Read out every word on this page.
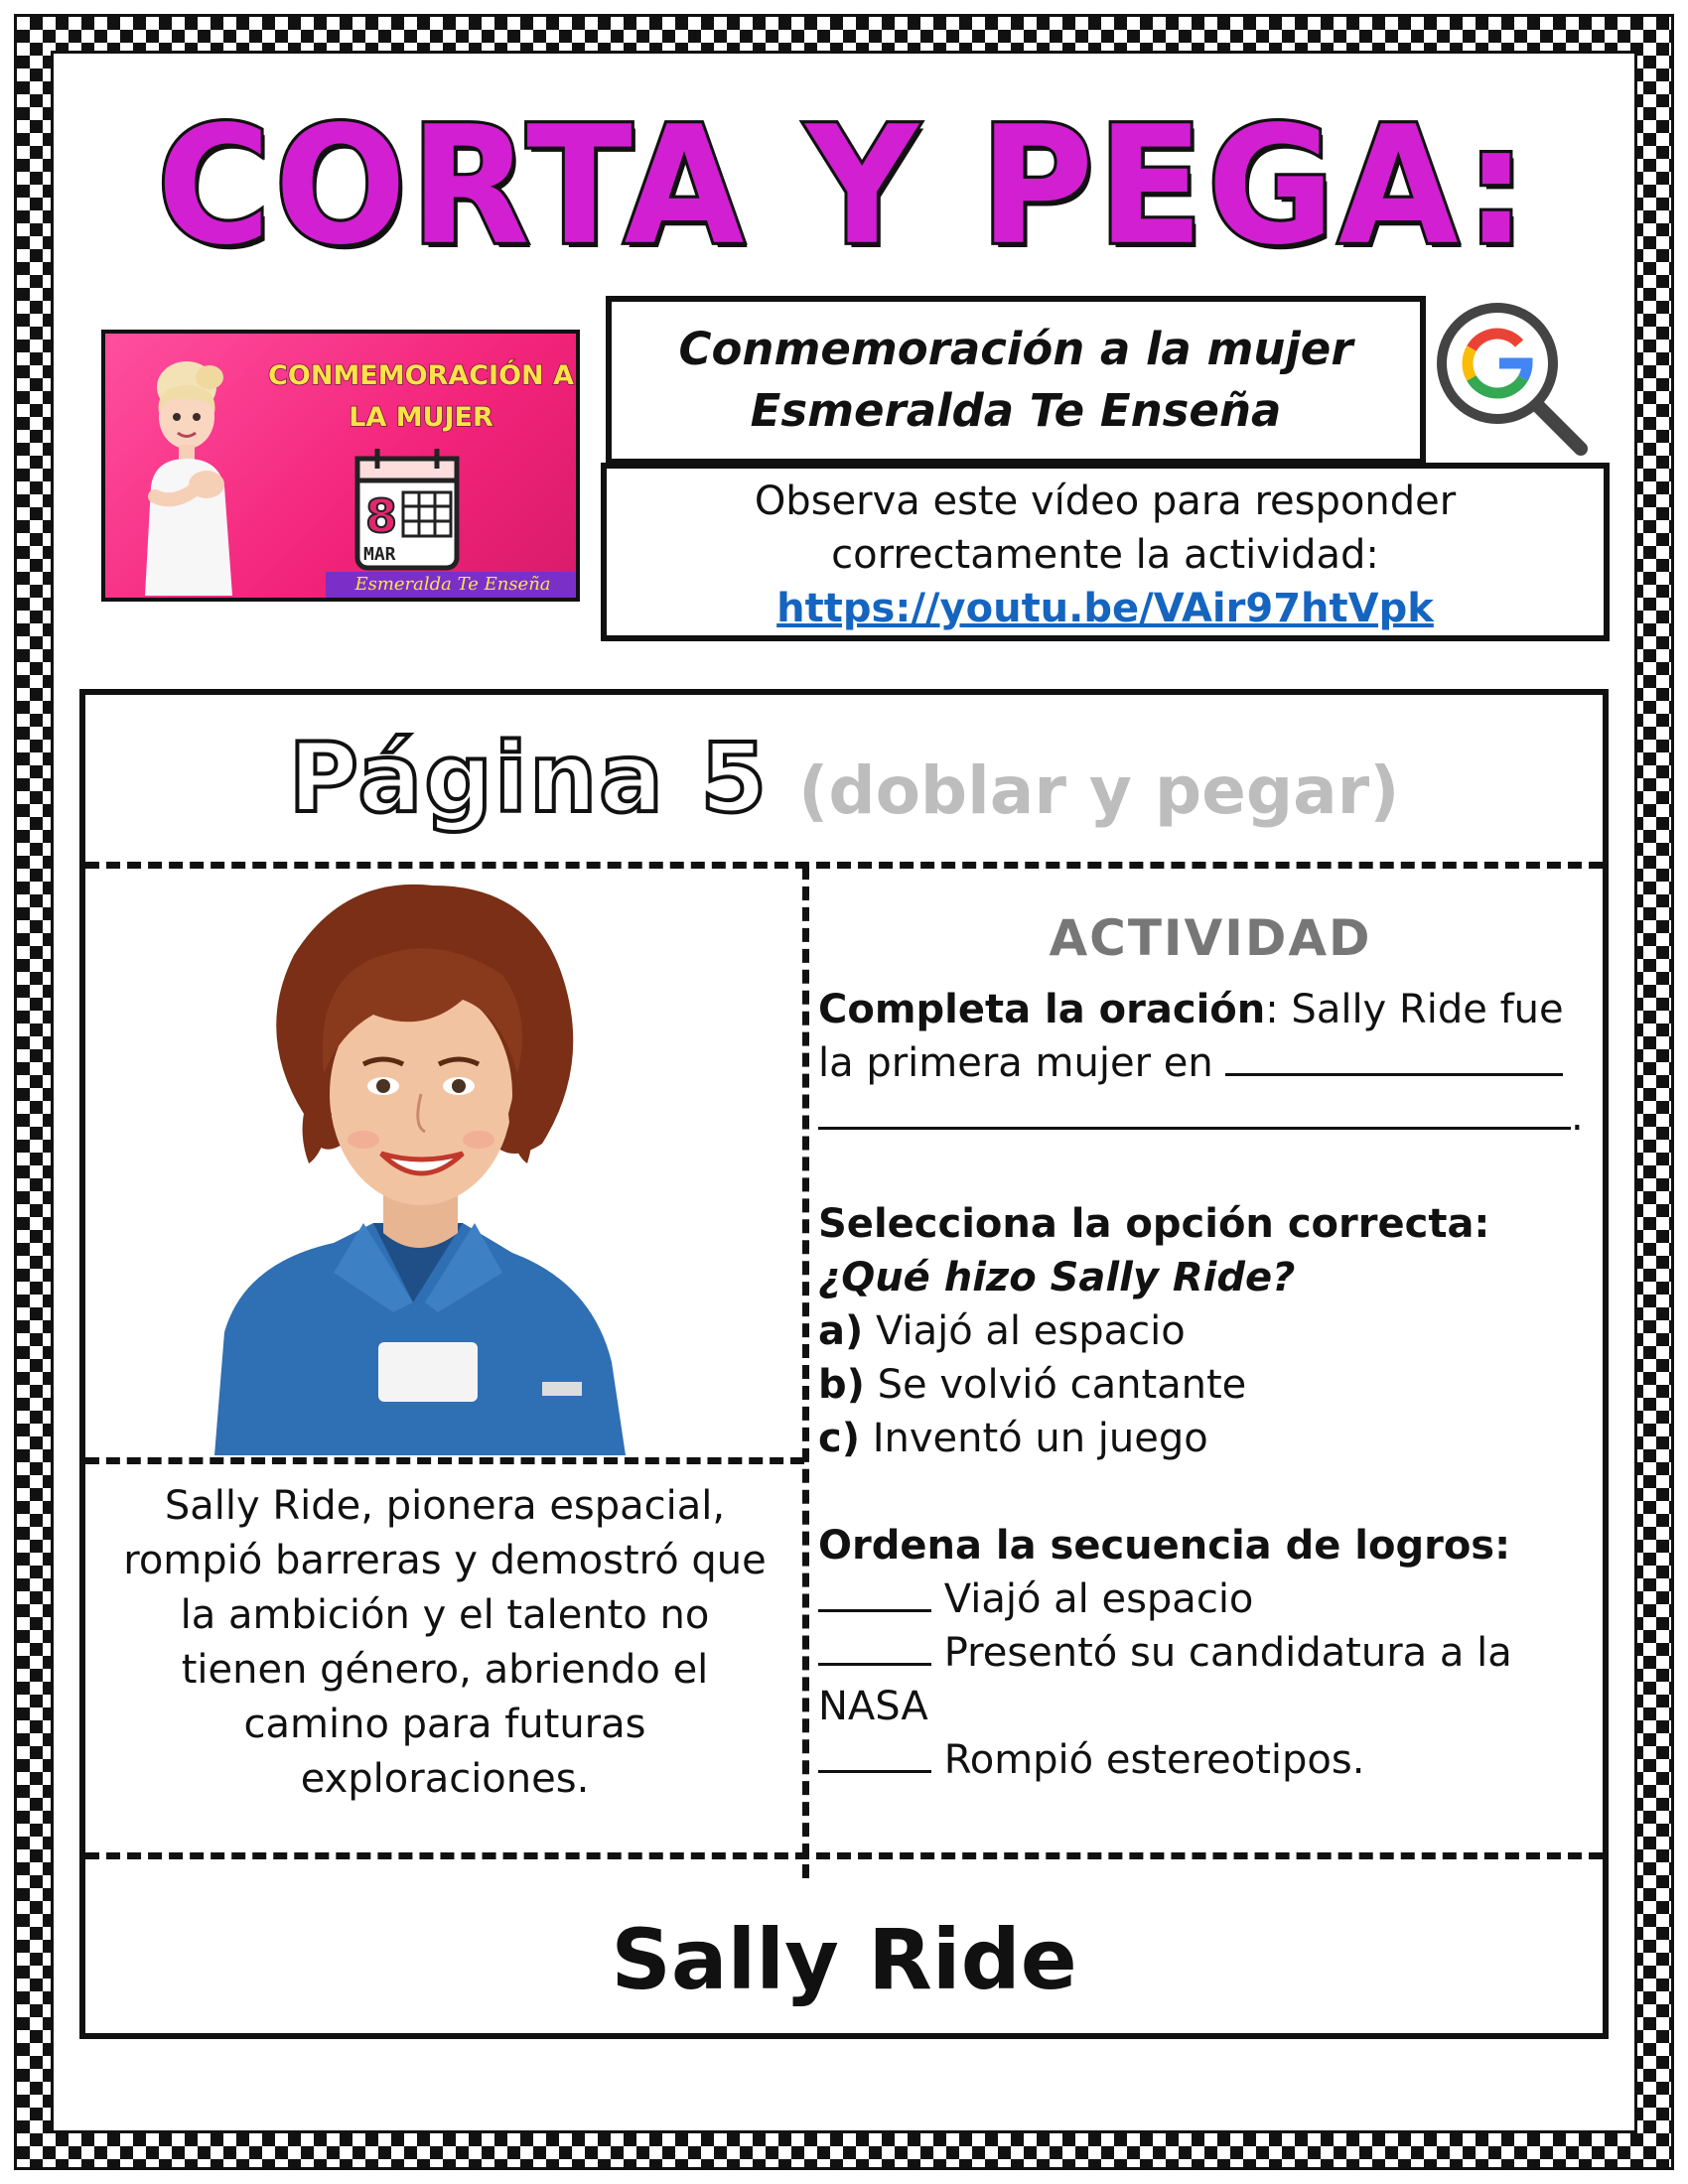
CORTA Y PEGA:
CONMEMORACIÓN A LA MUJER
8
MAR
Esmeralda Te Enseña
Conmemoración a la mujer
Esmeralda Te Enseña
Observa este vídeo para responder
correctamente la actividad:
https://youtu.be/VAir97htVpk
Página 5 (doblar y pegar)
Sally Ride, pionera espacial,
rompió barreras y demostró que
la ambición y el talento no
tienen género, abriendo el
camino para futuras
exploraciones.
ACTIVIDAD

Completa la oración: Sally Ride fue

la primera mujer en

.

Selecciona la opción correcta:

¿Qué hizo Sally Ride?

a) Viajó al espacio

b) Se volvió cantante

c) Inventó un juego

Ordena la secuencia de logros:

Viajó al espacio

Presentó su candidatura a la

NASA

Rompió estereotipos.

Sally Ride
